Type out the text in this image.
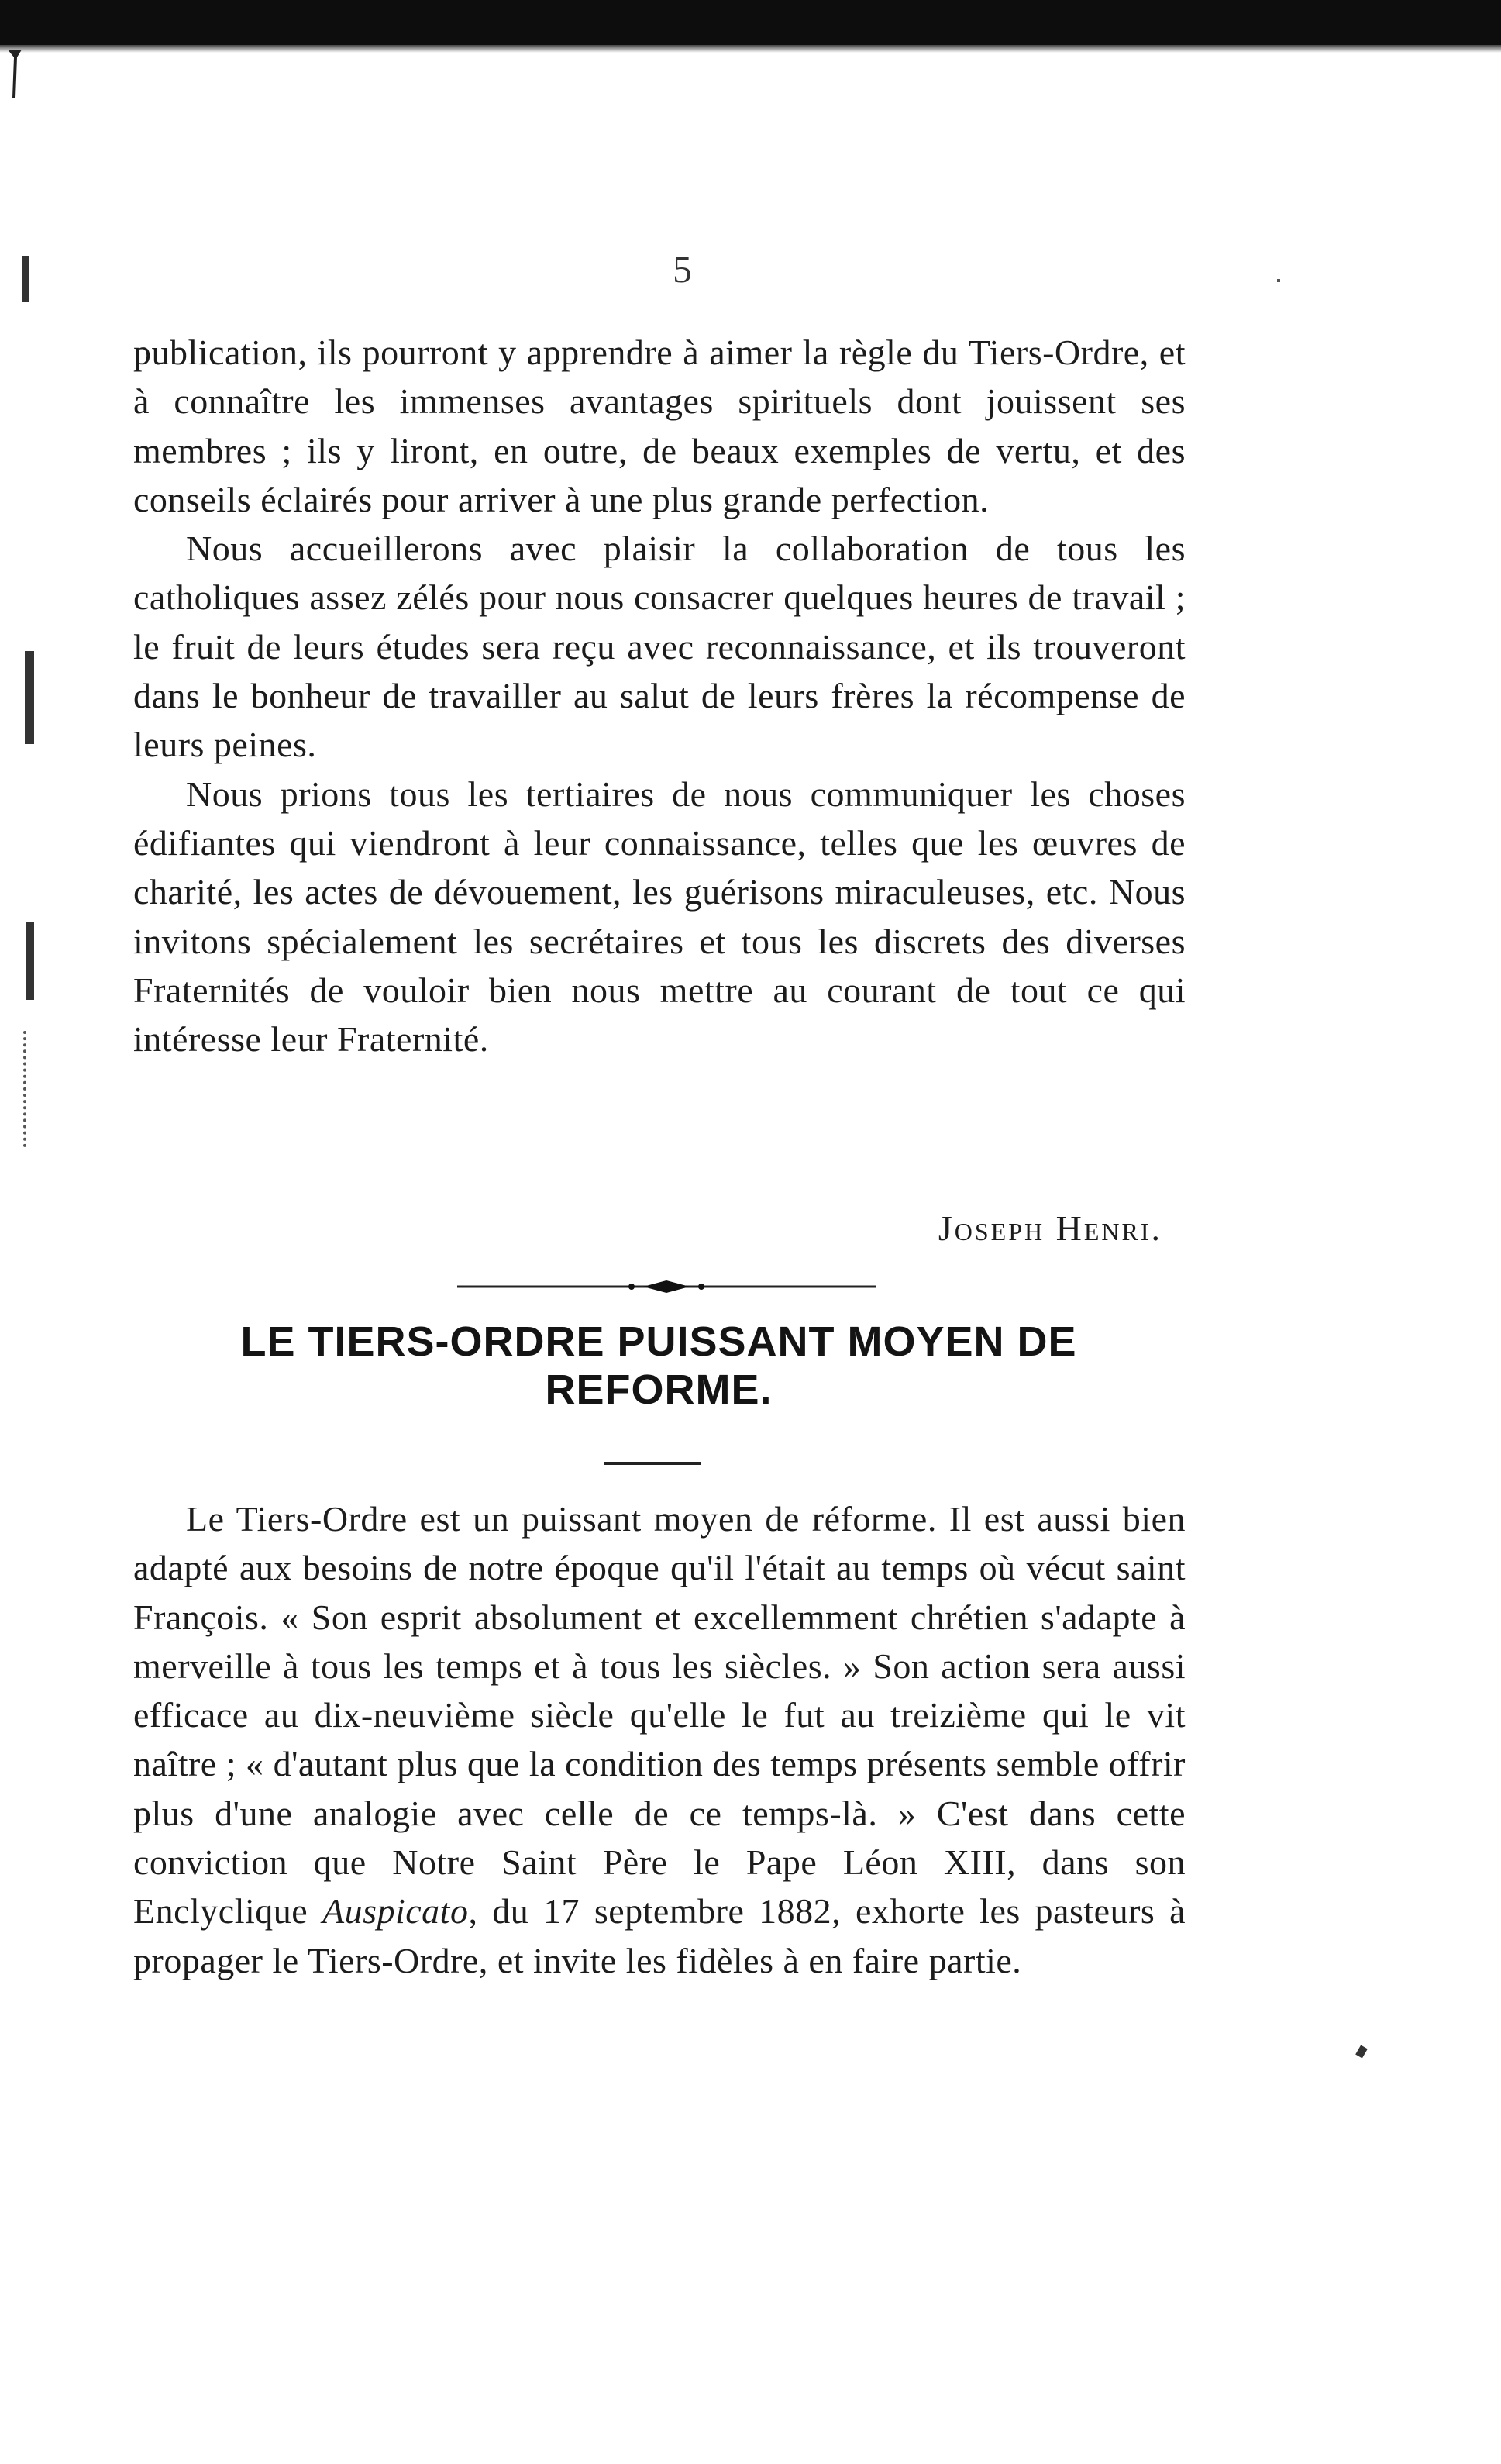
5

publication, ils pourront y apprendre à aimer la règle du Tiers-Ordre, et à connaître les immenses avantages spirituels dont jouissent ses membres ; ils y liront, en outre, de beaux exemples de vertu, et des conseils éclairés pour arriver à une plus grande perfection.

Nous accueillerons avec plaisir la collaboration de tous les catholiques assez zélés pour nous consacrer quelques heures de travail ; le fruit de leurs études sera reçu avec reconnaissance, et ils trouveront dans le bonheur de travailler au salut de leurs frères la récompense de leurs peines.

Nous prions tous les tertiaires de nous communiquer les choses édifiantes qui viendront à leur connaissance, telles que les œuvres de charité, les actes de dévouement, les guérisons miraculeuses, etc. Nous invitons spécialement les secrétaires et tous les discrets des diverses Fraternités de vouloir bien nous mettre au courant de tout ce qui intéresse leur Fraternité.

Joseph Henri.
LE TIERS-ORDRE PUISSANT MOYEN DE
REFORME.

Le Tiers-Ordre est un puissant moyen de réforme. Il est aussi bien adapté aux besoins de notre époque qu'il l'était au temps où vécut saint François. « Son esprit absolument et excellemment chrétien s'adapte à merveille à tous les temps et à tous les siècles. » Son action sera aussi efficace au dix-neuvième siècle qu'elle le fut au treizième qui le vit naître ; « d'autant plus que la condition des temps présents semble offrir plus d'une analogie avec celle de ce temps-là. » C'est dans cette conviction que Notre Saint Père le Pape Léon XIII, dans son Enclyclique Auspicato, du 17 septembre 1882, exhorte les pasteurs à propager le Tiers-Ordre, et invite les fidèles à en faire partie.
